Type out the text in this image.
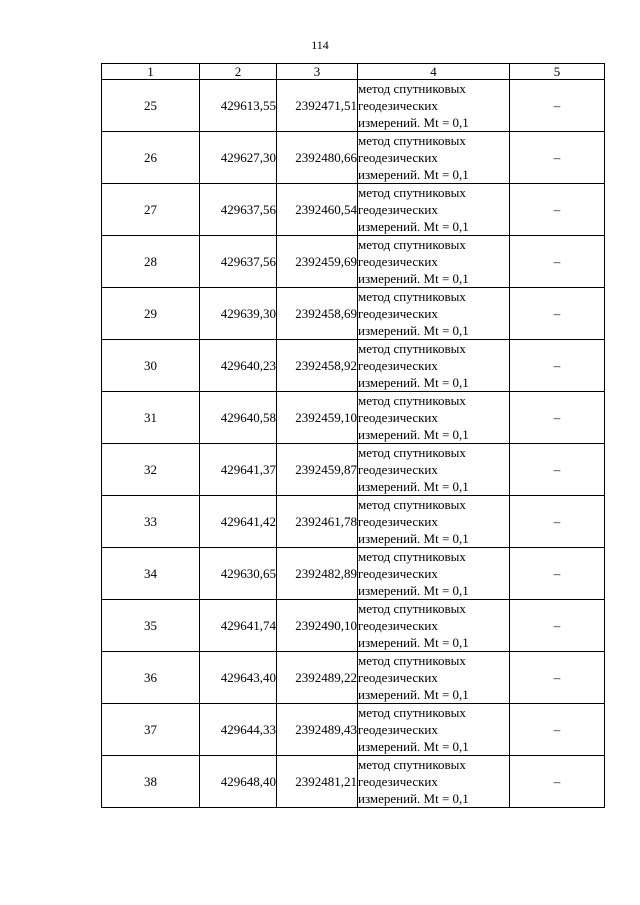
114
1	2	3	4	5
25	429613,55	2392471,51	метод спутниковых
геодезических
измерений. Mt = 0,1	–
26	429627,30	2392480,66	метод спутниковых
геодезических
измерений. Mt = 0,1	–
27	429637,56	2392460,54	метод спутниковых
геодезических
измерений. Mt = 0,1	–
28	429637,56	2392459,69	метод спутниковых
геодезических
измерений. Mt = 0,1	–
29	429639,30	2392458,69	метод спутниковых
геодезических
измерений. Mt = 0,1	–
30	429640,23	2392458,92	метод спутниковых
геодезических
измерений. Mt = 0,1	–
31	429640,58	2392459,10	метод спутниковых
геодезических
измерений. Mt = 0,1	–
32	429641,37	2392459,87	метод спутниковых
геодезических
измерений. Mt = 0,1	–
33	429641,42	2392461,78	метод спутниковых
геодезических
измерений. Mt = 0,1	–
34	429630,65	2392482,89	метод спутниковых
геодезических
измерений. Mt = 0,1	–
35	429641,74	2392490,10	метод спутниковых
геодезических
измерений. Mt = 0,1	–
36	429643,40	2392489,22	метод спутниковых
геодезических
измерений. Mt = 0,1	–
37	429644,33	2392489,43	метод спутниковых
геодезических
измерений. Mt = 0,1	–
38	429648,40	2392481,21	метод спутниковых
геодезических
измерений. Mt = 0,1	–
